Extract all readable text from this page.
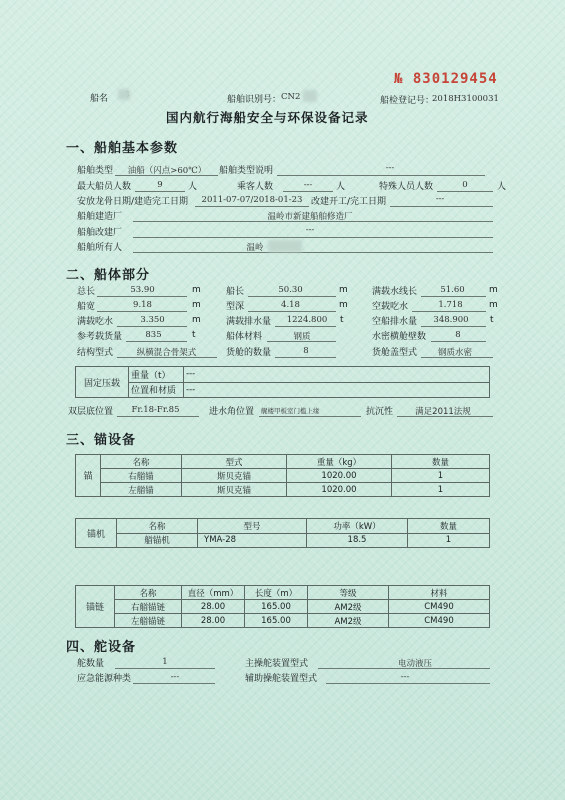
船名	船舶识别号： CN2	船检登记号：
2018H3100031
№ 830129454
国内航行海船安全与环保设备记录
一、船舶基本参数
船舶类型	油船（闪点>60℃）	船舶类型说明	---
最大船员人数	9	人	乘客人数	---	人	特殊人员人数	0	人
安放龙骨日期/建造完工日期	2011-07-07/2018-01-23 改建开工/完工日期	---
船舶建造厂	温岭市新建船舶修造厂
船舶改建厂	---
船舶所有人	温岭
二、船体部分
总长	53.90	m	船长	50.30	m	满载水线长	51.60	m
船宽	9.18	m	型深	4.18	m	空载吃水	1.718	m
满载吃水	3.350	m	满载排水量	1224.800	t	空船排水量	348.900	t
参考载货量	835	t	船体材料	钢质	水密横舱壁数	8
结构型式	纵横混合骨架式	货舱的数量	8	货舱盖型式	钢质水密
固定压载	重量（t）	---
	位置和材质	---
双层底位置	Fr.18-Fr.85	进水角位置 艉楼甲板室门槛上缘	抗沉性	满足2011法规
三、锚设备
锚	名称	型式	重量（kg）	数量
	右艏锚	斯贝克锚	1020.00	1
	左艏锚	斯贝克锚	1020.00	1
锚机	名称	型号	功率（kW）	数量
	艏锚机	YMA-28	18.5	1
锚链	名称	直径（mm）	长度（m）	等级	材料
	右艏锚链	28.00	165.00	AM2级	CM490
	左艏锚链	28.00	165.00	AM2级	CM490
四、舵设备
舵数量	1	主操舵装置型式	电动液压
应急能源种类	---	辅助操舵装置型式	---
